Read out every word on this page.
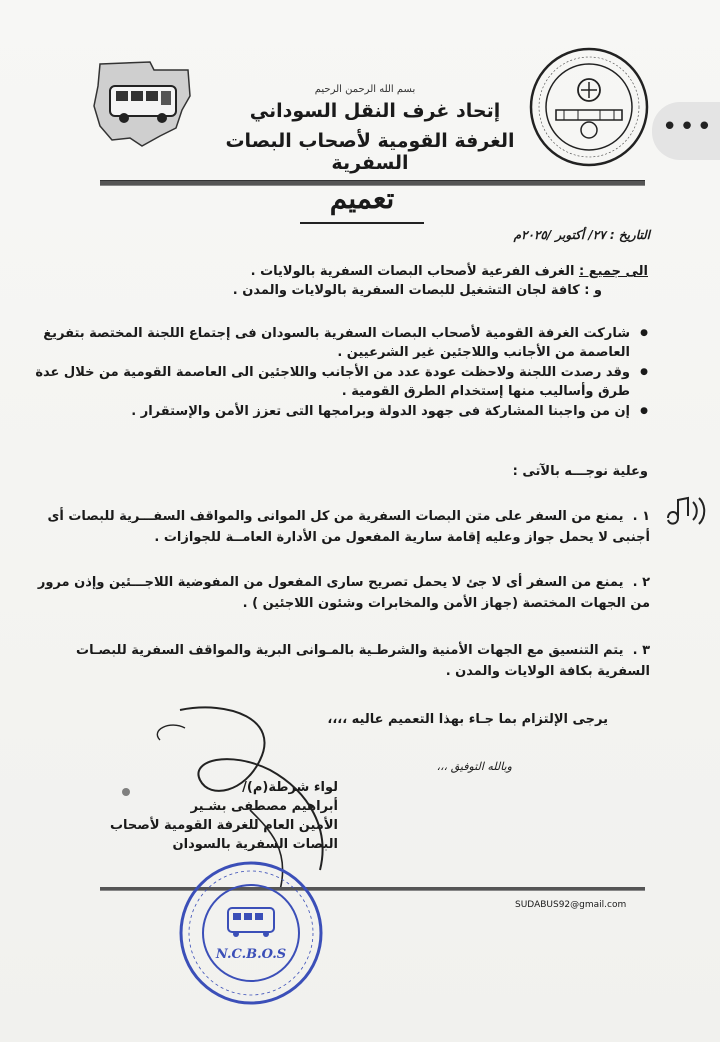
بسم الله الرحمن الرحيم
إتحاد غرف النقل السوداني
الغرفة القومية لأصحاب البصات السفرية
تعميم
التاريخ : ٢٧/ أكتوبر /٢٠٢٥م
الى جميع : الغرف الفرعية لأصحاب البصات السفرية بالولايات .
و : كافة لجان التشغيل للبصات السفرية بالولايات والمدن .
● شاركت الغرفة القومية لأصحاب البصات السفرية بالسودان فى إجتماع اللجنة المختصة بتفريغ العاصمة من الأجانب واللاجئين غير الشرعيين .
● وقد رصدت اللجنة ولاحظت عودة عدد من الأجانب واللاجئين الى العاصمة القومية من خلال عدة طرق وأساليب منها إستخدام الطرق القومية .
● إن من واجبنا المشاركة فى جهود الدولة وبرامجها التى تعزز الأمن والإستقرار .
وعلية نوجـــه بالآتى :
١ . يمنع من السفر على متن البصات السفرية من كل الموانى والمواقف السفـــرية للبصات أى أجنبى لا يحمل جواز وعليه إقامة سارية المفعول من الأدارة العامــة للجوازات .
٢ . يمنع من السفر أى لا جئ لا يحمل تصريح سارى المفعول من المفوضية اللاجـــئين وإذن مرور من الجهات المختصة (جهاز الأمن والمخابرات وشئون اللاجئين ) .
٣ . يتم التنسيق مع الجهات الأمنية والشرطـية بالمـوانى البرية والمواقف السفرية للبصـات السفرية بكافة الولايات والمدن .
يرجى الإلتزام بما جـاء بهذا التعميم عاليه ،،،،
وبالله التوفيق ،،،
لواء شرطة(م)/
أبراهيم مصطفى بشـير
الأمين العام للغرفة القومية لأصحاب
البصات السفرية بالسودان
SUDABUS92@gmail.com
N.C.B.O.S
•••
